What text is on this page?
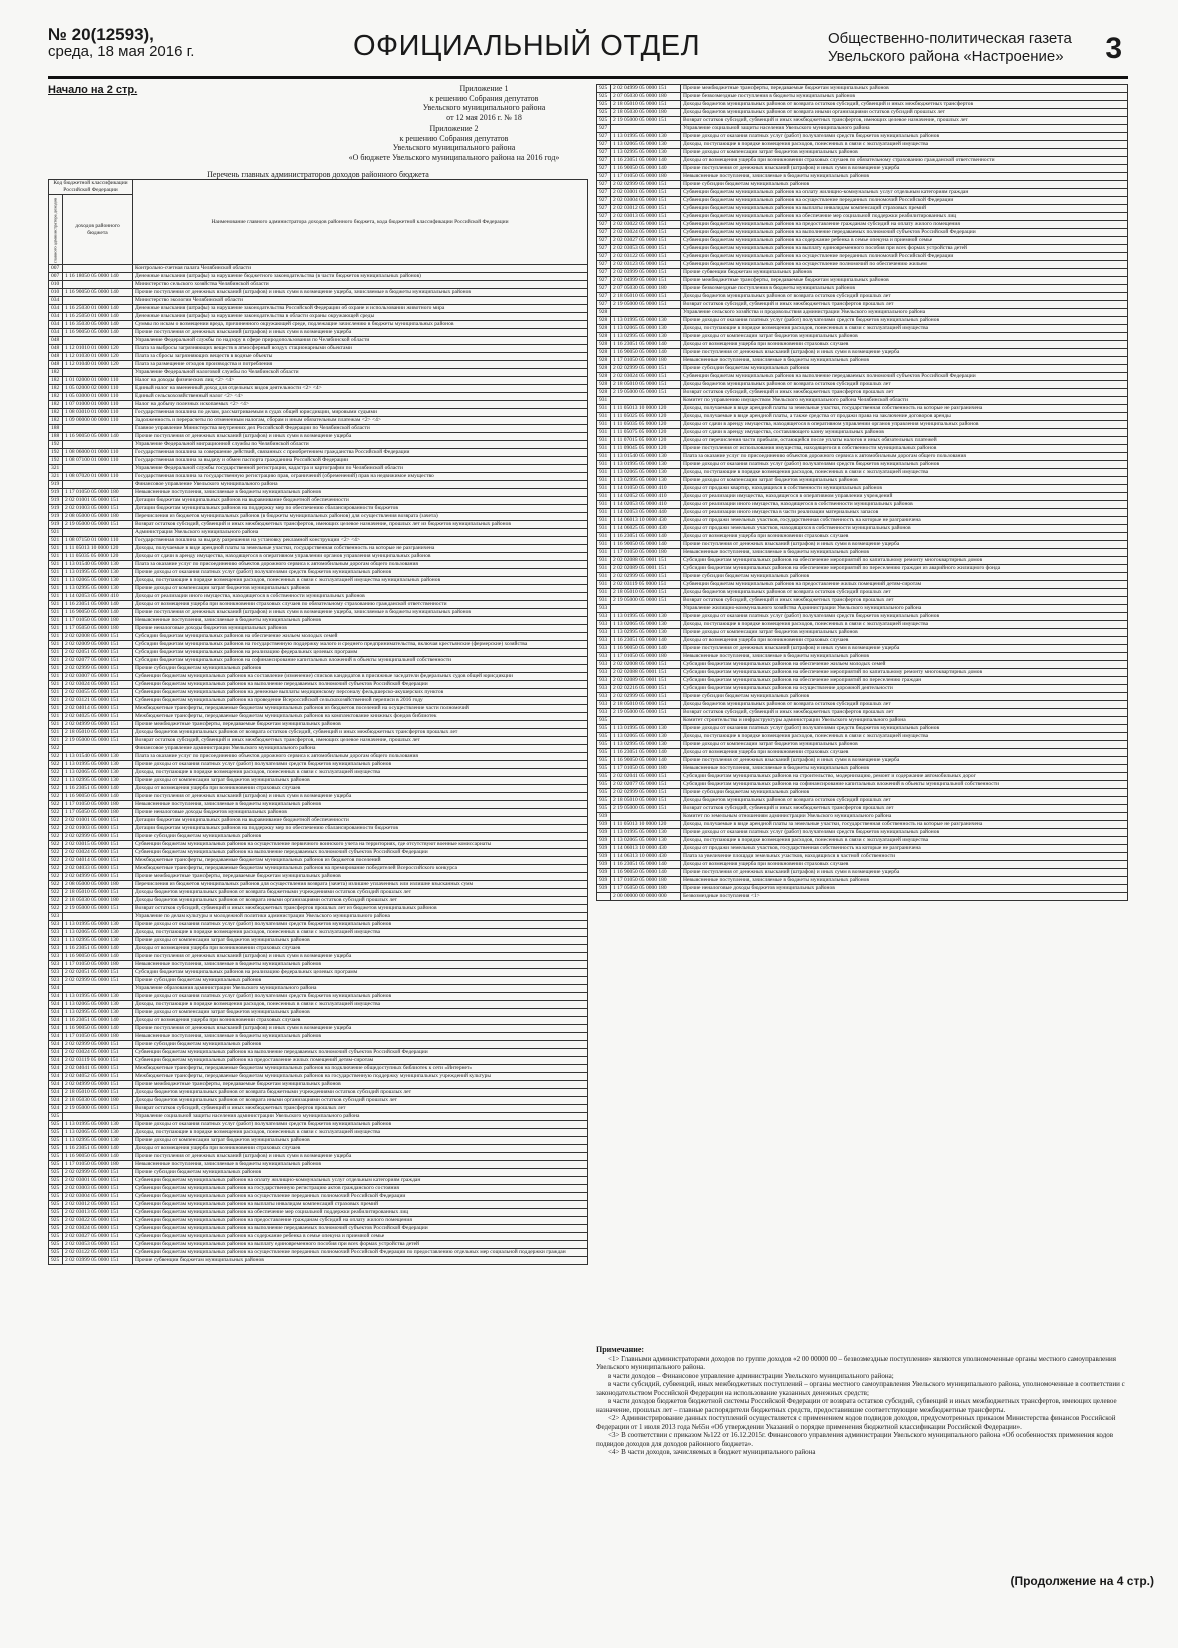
№ 20(12593),
среда, 18 мая 2016 г.	ОФИЦИАЛЬНЫЙ ОТДЕЛ	Общественно-политическая газета
Увельского района «Настроение» 3
Начало на 2 стр.	Приложение 1
к решению Собрания депутатов
Увельского муниципального района
от 12 мая 2016 г. № 18
Приложение 2
к решению Собрания депутатов
Увельского муниципального района
«О бюджете Увельского муниципального района на 2016 год»
Перечень главных администраторов доходов районного бюджета
Код бюджетной классификации Российской Федерации		Наименование главного администратора доходов районного бюджета, кода бюджетной классификации Российской Федерации
главного администратора доходов	доходов районного бюджета	
007		Контрольно-счетная палата Челябинской области
007	1 16 18050 05 0000 140	Денежные взыскания (штрафы) за нарушение бюджетного законодательства (в части бюджетов муниципальных районов)
010		Министерство сельского хозяйства Челябинской области
010	1 16 90050 05 0000 140	Прочие поступления от денежных взысканий (штрафов) и иных сумм в возмещение ущерба, зачисляемые в бюджеты муниципальных районов
034		Министерство экологии Челябинской области
034	1 16 25030 01 0000 140	Денежные взыскания (штрафы) за нарушение законодательства Российской Федерации об охране и использовании животного мира
034	1 16 25050 01 0000 140	Денежные взыскания (штрафы) за нарушение законодательства в области охраны окружающей среды
034	1 16 35030 05 0000 140	Суммы по искам о возмещении вреда, причиненного окружающей среде, подлежащие зачислению в бюджеты муниципальных районов
034	1 16 90050 05 0000 140	Прочие поступления от денежных взысканий (штрафов) и иных сумм в возмещение ущерба
048		Управление Федеральной службы по надзору в сфере природопользования по Челябинской области
048	1 12 01010 01 0000 120	Плата за выбросы загрязняющих веществ в атмосферный воздух стационарными объектами
048	1 12 01030 01 0000 120	Плата за сбросы загрязняющих веществ в водные объекты
048	1 12 01040 01 0000 120	Плата за размещение отходов производства и потребления
182		Управление Федеральной налоговой службы по Челябинской области
182	1 01 02000 01 0000 110	Налог на доходы физических лиц <2> <4>
182	1 05 02000 02 0000 110	Единый налог на вмененный доход для отдельных видов деятельности <2> <4>
182	1 05 03000 01 0000 110	Единый сельскохозяйственный налог <2> <4>
182	1 07 01000 01 0000 110	Налог на добычу полезных ископаемых <2> <4>
182	1 08 03010 01 0000 110	Государственная пошлина по делам, рассматриваемым в судах общей юрисдикции, мировыми судьями
182	1 09 00000 00 0000 110	Задолженность и перерасчеты по отмененным налогам, сборам и иным обязательным платежам <2> <4>
188		Главное управление Министерства внутренних дел Российской Федерации по Челябинской области
188	1 16 90050 05 0000 140	Прочие поступления от денежных взысканий (штрафов) и иных сумм в возмещение ущерба
192		Управление Федеральной миграционной службы по Челябинской области
192	1 08 06000 01 0000 110	Государственная пошлина за совершение действий, связанных с приобретением гражданства Российской Федерации
192	1 08 07100 01 0000 110	Государственная пошлина за выдачу и обмен паспорта гражданина Российской Федерации
321		Управление Федеральной службы государственной регистрации, кадастра и картографии по Челябинской области
321	1 08 07020 01 0000 110	Государственная пошлина за государственную регистрацию прав, ограничений (обременений) прав на недвижимое имущество
919		Финансовое управление Увельского муниципального района
919	1 17 01050 05 0000 180	Невыясненные поступления, зачисляемые в бюджеты муниципальных районов
919	2 02 01001 05 0000 151	Дотации бюджетам муниципальных районов на выравнивание бюджетной обеспеченности
919	2 02 01003 05 0000 151	Дотации бюджетам муниципальных районов на поддержку мер по обеспечению сбалансированности бюджетов
919	2 08 05000 05 0000 180	Перечисления из бюджетов муниципальных районов (в бюджеты муниципальных районов) для осуществления возврата (зачета)
919	2 19 05000 05 0000 151	Возврат остатков субсидий, субвенций и иных межбюджетных трансфертов, имеющих целевое назначение, прошлых лет из бюджетов муниципальных районов
921		Администрация Увельского муниципального района
921	1 08 07150 01 0000 110	Государственная пошлина за выдачу разрешения на установку рекламной конструкции <2> <4>
921	1 11 05013 10 0000 120	Доходы, получаемые в виде арендной платы за земельные участки, государственная собственность на которые не разграничена
921	1 11 05035 05 0000 120	Доходы от сдачи в аренду имущества, находящегося в оперативном управлении органов управления муниципальных районов
921	1 13 01540 05 0000 130	Плата за оказание услуг по присоединению объектов дорожного сервиса к автомобильным дорогам общего пользования
921	1 13 01995 05 0000 130	Прочие доходы от оказания платных услуг (работ) получателями средств бюджетов муниципальных районов
921	1 13 02065 05 0000 130	Доходы, поступающие в порядке возмещения расходов, понесенных в связи с эксплуатацией имущества муниципальных районов
921	1 13 02995 05 0000 130	Прочие доходы от компенсации затрат бюджетов муниципальных районов
921	1 14 02053 05 0000 410	Доходы от реализации иного имущества, находящегося в собственности муниципальных районов
921	1 16 23051 05 0000 140	Доходы от возмещения ущерба при возникновении страховых случаев по обязательному страхованию гражданской ответственности
921	1 16 90050 05 0000 140	Прочие поступления от денежных взысканий (штрафов) и иных сумм в возмещение ущерба, зачисляемые в бюджеты муниципальных районов
921	1 17 01050 05 0000 180	Невыясненные поступления, зачисляемые в бюджеты муниципальных районов
921	1 17 05050 05 0000 180	Прочие неналоговые доходы бюджетов муниципальных районов
921	2 02 02008 05 0000 151	Субсидии бюджетам муниципальных районов на обеспечение жильем молодых семей
921	2 02 02009 05 0000 151	Субсидии бюджетам муниципальных районов на государственную поддержку малого и среднего предпринимательства, включая крестьянские (фермерские) хозяйства
921	2 02 02051 05 0000 151	Субсидии бюджетам муниципальных районов на реализацию федеральных целевых программ
921	2 02 02077 05 0000 151	Субсидии бюджетам муниципальных районов на софинансирование капитальных вложений в объекты муниципальной собственности
921	2 02 02999 05 0000 151	Прочие субсидии бюджетам муниципальных районов
921	2 02 03007 05 0000 151	Субвенции бюджетам муниципальных районов на составление (изменение) списков кандидатов в присяжные заседатели федеральных судов общей юрисдикции
921	2 02 03024 05 0000 151	Субвенции бюджетам муниципальных районов на выполнение передаваемых полномочий субъектов Российской Федерации
921	2 02 03055 05 0000 151	Субвенции бюджетам муниципальных районов на денежные выплаты медицинскому персоналу фельдшерско-акушерских пунктов
921	2 02 03121 05 0000 151	Субвенции бюджетам муниципальных районов на проведение Всероссийской сельскохозяйственной переписи в 2016 году
921	2 02 04014 05 0000 151	Межбюджетные трансферты, передаваемые бюджетам муниципальных районов из бюджетов поселений на осуществление части полномочий
921	2 02 04025 05 0000 151	Межбюджетные трансферты, передаваемые бюджетам муниципальных районов на комплектование книжных фондов библиотек
921	2 02 04999 05 0000 151	Прочие межбюджетные трансферты, передаваемые бюджетам муниципальных районов
921	2 18 05010 05 0000 151	Доходы бюджетов муниципальных районов от возврата остатков субсидий, субвенций и иных межбюджетных трансфертов прошлых лет
921	2 19 05000 05 0000 151	Возврат остатков субсидий, субвенций и иных межбюджетных трансфертов, имеющих целевое назначение, прошлых лет
922		Финансовое управление администрации Увельского муниципального района
922	1 13 01540 05 0000 130	Плата за оказание услуг по присоединению объектов дорожного сервиса к автомобильным дорогам общего пользования
922	1 13 01995 05 0000 130	Прочие доходы от оказания платных услуг (работ) получателями средств бюджетов муниципальных районов
922	1 13 02065 05 0000 130	Доходы, поступающие в порядке возмещения расходов, понесенных в связи с эксплуатацией имущества
922	1 13 02995 05 0000 130	Прочие доходы от компенсации затрат бюджетов муниципальных районов
922	1 16 23051 05 0000 140	Доходы от возмещения ущерба при возникновении страховых случаев
922	1 16 90050 05 0000 140	Прочие поступления от денежных взысканий (штрафов) и иных сумм в возмещение ущерба
922	1 17 01050 05 0000 180	Невыясненные поступления, зачисляемые в бюджеты муниципальных районов
922	1 17 05050 05 0000 180	Прочие неналоговые доходы бюджетов муниципальных районов
922	2 02 01001 05 0000 151	Дотации бюджетам муниципальных районов на выравнивание бюджетной обеспеченности
922	2 02 01003 05 0000 151	Дотации бюджетам муниципальных районов на поддержку мер по обеспечению сбалансированности бюджетов
922	2 02 02999 05 0000 151	Прочие субсидии бюджетам муниципальных районов
922	2 02 03015 05 0000 151	Субвенции бюджетам муниципальных районов на осуществление первичного воинского учета на территориях, где отсутствуют военные комиссариаты
922	2 02 03024 05 0000 151	Субвенции бюджетам муниципальных районов на выполнение передаваемых полномочий субъектов Российской Федерации
922	2 02 04014 05 0000 151	Межбюджетные трансферты, передаваемые бюджетам муниципальных районов из бюджетов поселений
922	2 02 04033 05 0000 151	Межбюджетные трансферты, передаваемые бюджетам муниципальных районов на премирование победителей Всероссийского конкурса
922	2 02 04999 05 0000 151	Прочие межбюджетные трансферты, передаваемые бюджетам муниципальных районов
922	2 08 05000 05 0000 180	Перечисления из бюджетов муниципальных районов для осуществления возврата (зачета) излишне уплаченных или излишне взысканных сумм
922	2 18 05010 05 0000 151	Доходы бюджетов муниципальных районов от возврата бюджетными учреждениями остатков субсидий прошлых лет
922	2 18 05030 05 0000 180	Доходы бюджетов муниципальных районов от возврата иными организациями остатков субсидий прошлых лет
922	2 19 05000 05 0000 151	Возврат остатков субсидий, субвенций и иных межбюджетных трансфертов прошлых лет из бюджетов муниципальных районов
923		Управление по делам культуры и молодежной политики администрации Увельского муниципального района
923	1 13 01995 05 0000 130	Прочие доходы от оказания платных услуг (работ) получателями средств бюджетов муниципальных районов
923	1 13 02065 05 0000 130	Доходы, поступающие в порядке возмещения расходов, понесенных в связи с эксплуатацией имущества
923	1 13 02995 05 0000 130	Прочие доходы от компенсации затрат бюджетов муниципальных районов
923	1 16 23051 05 0000 140	Доходы от возмещения ущерба при возникновении страховых случаев
923	1 16 90050 05 0000 140	Прочие поступления от денежных взысканий (штрафов) и иных сумм в возмещение ущерба
923	1 17 01050 05 0000 180	Невыясненные поступления, зачисляемые в бюджеты муниципальных районов
923	2 02 02051 05 0000 151	Субсидии бюджетам муниципальных районов на реализацию федеральных целевых программ
923	2 02 02999 05 0000 151	Прочие субсидии бюджетам муниципальных районов
924		Управление образования администрации Увельского муниципального района
924	1 13 01995 05 0000 130	Прочие доходы от оказания платных услуг (работ) получателями средств бюджетов муниципальных районов
924	1 13 02065 05 0000 130	Доходы, поступающие в порядке возмещения расходов, понесенных в связи с эксплуатацией имущества
924	1 13 02995 05 0000 130	Прочие доходы от компенсации затрат бюджетов муниципальных районов
924	1 16 23051 05 0000 140	Доходы от возмещения ущерба при возникновении страховых случаев
924	1 16 90050 05 0000 140	Прочие поступления от денежных взысканий (штрафов) и иных сумм в возмещение ущерба
924	1 17 01050 05 0000 180	Невыясненные поступления, зачисляемые в бюджеты муниципальных районов
924	2 02 02999 05 0000 151	Прочие субсидии бюджетам муниципальных районов
924	2 02 03024 05 0000 151	Субвенции бюджетам муниципальных районов на выполнение передаваемых полномочий субъектов Российской Федерации
924	2 02 03119 05 0000 151	Субвенции бюджетам муниципальных районов на предоставление жилых помещений детям-сиротам
924	2 02 04041 05 0000 151	Межбюджетные трансферты, передаваемые бюджетам муниципальных районов на подключение общедоступных библиотек к сети «Интернет»
924	2 02 04052 05 0000 151	Межбюджетные трансферты, передаваемые бюджетам муниципальных районов на государственную поддержку муниципальных учреждений культуры
924	2 02 04999 05 0000 151	Прочие межбюджетные трансферты, передаваемые бюджетам муниципальных районов
924	2 18 05010 05 0000 151	Доходы бюджетов муниципальных районов от возврата бюджетными учреждениями остатков субсидий прошлых лет
924	2 18 05030 05 0000 180	Доходы бюджетов муниципальных районов от возврата иными организациями остатков субсидий прошлых лет
924	2 19 05000 05 0000 151	Возврат остатков субсидий, субвенций и иных межбюджетных трансфертов прошлых лет
925		Управление социальной защиты населения администрации Увельского муниципального района
925	1 13 01995 05 0000 130	Прочие доходы от оказания платных услуг (работ) получателями средств бюджетов муниципальных районов
925	1 13 02065 05 0000 130	Доходы, поступающие в порядке возмещения расходов, понесенных в связи с эксплуатацией имущества
925	1 13 02995 05 0000 130	Прочие доходы от компенсации затрат бюджетов муниципальных районов
925	1 16 23051 05 0000 140	Доходы от возмещения ущерба при возникновении страховых случаев
925	1 16 90050 05 0000 140	Прочие поступления от денежных взысканий (штрафов) и иных сумм в возмещение ущерба
925	1 17 01050 05 0000 180	Невыясненные поступления, зачисляемые в бюджеты муниципальных районов
925	2 02 02999 05 0000 151	Прочие субсидии бюджетам муниципальных районов
925	2 02 03001 05 0000 151	Субвенции бюджетам муниципальных районов на оплату жилищно-коммунальных услуг отдельным категориям граждан
925	2 02 03003 05 0000 151	Субвенции бюджетам муниципальных районов на государственную регистрацию актов гражданского состояния
925	2 02 03004 05 0000 151	Субвенции бюджетам муниципальных районов на осуществление переданных полномочий Российской Федерации
925	2 02 03012 05 0000 151	Субвенции бюджетам муниципальных районов на выплаты инвалидам компенсаций страховых премий
925	2 02 03013 05 0000 151	Субвенции бюджетам муниципальных районов на обеспечение мер социальной поддержки реабилитированных лиц
925	2 02 03022 05 0000 151	Субвенции бюджетам муниципальных районов на предоставление гражданам субсидий на оплату жилого помещения
925	2 02 03024 05 0000 151	Субвенции бюджетам муниципальных районов на выполнение передаваемых полномочий субъектов Российской Федерации
925	2 02 03027 05 0000 151	Субвенции бюджетам муниципальных районов на содержание ребенка в семье опекуна и приемной семье
925	2 02 03053 05 0000 151	Субвенции бюджетам муниципальных районов на выплату единовременного пособия при всех формах устройства детей
925	2 02 03122 05 0000 151	Субвенции бюджетам муниципальных районов на осуществление переданных полномочий Российской Федерации по предоставлению отдельных мер социальной поддержки граждан
925	2 02 03999 05 0000 151	Прочие субвенции бюджетам муниципальных районов
925	2 02 04999 05 0000 151	Прочие межбюджетные трансферты, передаваемые бюджетам муниципальных районов
925	2 07 05030 05 0000 180	Прочие безвозмездные поступления в бюджеты муниципальных районов
925	2 18 05010 05 0000 151	Доходы бюджетов муниципальных районов от возврата остатков субсидий, субвенций и иных межбюджетных трансфертов
925	2 18 05030 05 0000 180	Доходы бюджетов муниципальных районов от возврата иными организациями остатков субсидий прошлых лет
925	2 19 05000 05 0000 151	Возврат остатков субсидий, субвенций и иных межбюджетных трансфертов, имеющих целевое назначение, прошлых лет
927		Управление социальной защиты населения Увельского муниципального района
927	1 13 01995 05 0000 130	Прочие доходы от оказания платных услуг (работ) получателями средств бюджетов муниципальных районов
927	1 13 02065 05 0000 130	Доходы, поступающие в порядке возмещения расходов, понесенных в связи с эксплуатацией имущества
927	1 13 02995 05 0000 130	Прочие доходы от компенсации затрат бюджетов муниципальных районов
927	1 16 23051 05 0000 140	Доходы от возмещения ущерба при возникновении страховых случаев по обязательному страхованию гражданской ответственности
927	1 16 90050 05 0000 140	Прочие поступления от денежных взысканий (штрафов) и иных сумм в возмещение ущерба
927	1 17 01050 05 0000 180	Невыясненные поступления, зачисляемые в бюджеты муниципальных районов
927	2 02 02999 05 0000 151	Прочие субсидии бюджетам муниципальных районов
927	2 02 03001 05 0000 151	Субвенции бюджетам муниципальных районов на оплату жилищно-коммунальных услуг отдельным категориям граждан
927	2 02 03004 05 0000 151	Субвенции бюджетам муниципальных районов на осуществление переданных полномочий Российской Федерации
927	2 02 03012 05 0000 151	Субвенции бюджетам муниципальных районов на выплаты инвалидам компенсаций страховых премий
927	2 02 03013 05 0000 151	Субвенции бюджетам муниципальных районов на обеспечение мер социальной поддержки реабилитированных лиц
927	2 02 03022 05 0000 151	Субвенции бюджетам муниципальных районов на предоставление гражданам субсидий на оплату жилого помещения
927	2 02 03024 05 0000 151	Субвенции бюджетам муниципальных районов на выполнение передаваемых полномочий субъектов Российской Федерации
927	2 02 03027 05 0000 151	Субвенции бюджетам муниципальных районов на содержание ребенка в семье опекуна и приемной семье
927	2 02 03053 05 0000 151	Субвенции бюджетам муниципальных районов на выплату единовременного пособия при всех формах устройства детей
927	2 02 03122 05 0000 151	Субвенции бюджетам муниципальных районов на осуществление переданных полномочий Российской Федерации
927	2 02 03123 05 0000 151	Субвенции бюджетам муниципальных районов на осуществление полномочий по обеспечению жильем
927	2 02 03999 05 0000 151	Прочие субвенции бюджетам муниципальных районов
927	2 02 04999 05 0000 151	Прочие межбюджетные трансферты, передаваемые бюджетам муниципальных районов
927	2 07 05030 05 0000 180	Прочие безвозмездные поступления в бюджеты муниципальных районов
927	2 18 05010 05 0000 151	Доходы бюджетов муниципальных районов от возврата остатков субсидий прошлых лет
927	2 19 05000 05 0000 151	Возврат остатков субсидий, субвенций и иных межбюджетных трансфертов прошлых лет
928		Управление сельского хозяйства и продовольствия администрации Увельского муниципального района
928	1 13 01995 05 0000 130	Прочие доходы от оказания платных услуг (работ) получателями средств бюджетов муниципальных районов
928	1 13 02065 05 0000 130	Доходы, поступающие в порядке возмещения расходов, понесенных в связи с эксплуатацией имущества
928	1 13 02995 05 0000 130	Прочие доходы от компенсации затрат бюджетов муниципальных районов
928	1 16 23051 05 0000 140	Доходы от возмещения ущерба при возникновении страховых случаев
928	1 16 90050 05 0000 140	Прочие поступления от денежных взысканий (штрафов) и иных сумм в возмещение ущерба
928	1 17 01050 05 0000 180	Невыясненные поступления, зачисляемые в бюджеты муниципальных районов
928	2 02 02999 05 0000 151	Прочие субсидии бюджетам муниципальных районов
928	2 02 03024 05 0000 151	Субвенции бюджетам муниципальных районов на выполнение передаваемых полномочий субъектов Российской Федерации
928	2 18 05010 05 0000 151	Доходы бюджетов муниципальных районов от возврата остатков субсидий прошлых лет
928	2 19 05000 05 0000 151	Возврат остатков субсидий, субвенций и иных межбюджетных трансфертов прошлых лет
931		Комитет по управлению имуществом Увельского муниципального района Челябинской области
931	1 11 05013 10 0000 120	Доходы, получаемые в виде арендной платы за земельные участки, государственная собственность на которые не разграничена
931	1 11 05025 05 0000 120	Доходы, получаемые в виде арендной платы, а также средства от продажи права на заключение договоров аренды
931	1 11 05035 05 0000 120	Доходы от сдачи в аренду имущества, находящегося в оперативном управлении органов управления муниципальных районов
931	1 11 05075 05 0000 120	Доходы от сдачи в аренду имущества, составляющего казну муниципальных районов
931	1 11 07015 05 0000 120	Доходы от перечисления части прибыли, остающейся после уплаты налогов и иных обязательных платежей
931	1 11 09045 05 0000 120	Прочие поступления от использования имущества, находящегося в собственности муниципальных районов
931	1 13 01540 05 0000 130	Плата за оказание услуг по присоединению объектов дорожного сервиса к автомобильным дорогам общего пользования
931	1 13 01995 05 0000 130	Прочие доходы от оказания платных услуг (работ) получателями средств бюджетов муниципальных районов
931	1 13 02065 05 0000 130	Доходы, поступающие в порядке возмещения расходов, понесенных в связи с эксплуатацией имущества
931	1 13 02995 05 0000 130	Прочие доходы от компенсации затрат бюджетов муниципальных районов
931	1 14 01050 05 0000 410	Доходы от продажи квартир, находящихся в собственности муниципальных районов
931	1 14 02052 05 0000 410	Доходы от реализации имущества, находящегося в оперативном управлении учреждений
931	1 14 02053 05 0000 410	Доходы от реализации иного имущества, находящегося в собственности муниципальных районов
931	1 14 02053 05 0000 440	Доходы от реализации иного имущества в части реализации материальных запасов
931	1 14 06013 10 0000 430	Доходы от продажи земельных участков, государственная собственность на которые не разграничена
931	1 14 06025 05 0000 430	Доходы от продажи земельных участков, находящихся в собственности муниципальных районов
931	1 16 23051 05 0000 140	Доходы от возмещения ущерба при возникновении страховых случаев
931	1 16 90050 05 0000 140	Прочие поступления от денежных взысканий (штрафов) и иных сумм в возмещение ущерба
931	1 17 01050 05 0000 180	Невыясненные поступления, зачисляемые в бюджеты муниципальных районов
931	2 02 02088 05 0001 151	Субсидии бюджетам муниципальных районов на обеспечение мероприятий по капитальному ремонту многоквартирных домов
931	2 02 02089 05 0001 151	Субсидии бюджетам муниципальных районов на обеспечение мероприятий по переселению граждан из аварийного жилищного фонда
931	2 02 02999 05 0000 151	Прочие субсидии бюджетам муниципальных районов
931	2 02 03119 05 0000 151	Субвенции бюджетам муниципальных районов на предоставление жилых помещений детям-сиротам
931	2 18 05010 05 0000 151	Доходы бюджетов муниципальных районов от возврата остатков субсидий прошлых лет
931	2 19 05000 05 0000 151	Возврат остатков субсидий, субвенций и иных межбюджетных трансфертов прошлых лет
933		Управление жилищно-коммунального хозяйства Администрации Увельского муниципального района
933	1 13 01995 05 0000 130	Прочие доходы от оказания платных услуг (работ) получателями средств бюджетов муниципальных районов
933	1 13 02065 05 0000 130	Доходы, поступающие в порядке возмещения расходов, понесенных в связи с эксплуатацией имущества
933	1 13 02995 05 0000 130	Прочие доходы от компенсации затрат бюджетов муниципальных районов
933	1 16 23051 05 0000 140	Доходы от возмещения ущерба при возникновении страховых случаев
933	1 16 90050 05 0000 140	Прочие поступления от денежных взысканий (штрафов) и иных сумм в возмещение ущерба
933	1 17 01050 05 0000 180	Невыясненные поступления, зачисляемые в бюджеты муниципальных районов
933	2 02 02008 05 0000 151	Субсидии бюджетам муниципальных районов на обеспечение жильем молодых семей
933	2 02 02088 05 0001 151	Субсидии бюджетам муниципальных районов на обеспечение мероприятий по капитальному ремонту многоквартирных домов
933	2 02 02089 05 0001 151	Субсидии бюджетам муниципальных районов на обеспечение мероприятий по переселению граждан
933	2 02 02216 05 0000 151	Субсидии бюджетам муниципальных районов на осуществление дорожной деятельности
933	2 02 02999 05 0000 151	Прочие субсидии бюджетам муниципальных районов
933	2 18 05010 05 0000 151	Доходы бюджетов муниципальных районов от возврата остатков субсидий прошлых лет
933	2 19 05000 05 0000 151	Возврат остатков субсидий, субвенций и иных межбюджетных трансфертов прошлых лет
935		Комитет строительства и инфраструктуры администрации Увельского муниципального района
935	1 13 01995 05 0000 130	Прочие доходы от оказания платных услуг (работ) получателями средств бюджетов муниципальных районов
935	1 13 02065 05 0000 130	Доходы, поступающие в порядке возмещения расходов, понесенных в связи с эксплуатацией имущества
935	1 13 02995 05 0000 130	Прочие доходы от компенсации затрат бюджетов муниципальных районов
935	1 16 23051 05 0000 140	Доходы от возмещения ущерба при возникновении страховых случаев
935	1 16 90050 05 0000 140	Прочие поступления от денежных взысканий (штрафов) и иных сумм в возмещение ущерба
935	1 17 01050 05 0000 180	Невыясненные поступления, зачисляемые в бюджеты муниципальных районов
935	2 02 02041 05 0000 151	Субсидии бюджетам муниципальных районов на строительство, модернизацию, ремонт и содержание автомобильных дорог
935	2 02 02077 05 0000 151	Субсидии бюджетам муниципальных районов на софинансирование капитальных вложений в объекты муниципальной собственности
935	2 02 02999 05 0000 151	Прочие субсидии бюджетам муниципальных районов
935	2 18 05010 05 0000 151	Доходы бюджетов муниципальных районов от возврата остатков субсидий прошлых лет
935	2 19 05000 05 0000 151	Возврат остатков субсидий, субвенций и иных межбюджетных трансфертов прошлых лет
939		Комитет по земельным отношениям администрации Увельского муниципального района
939	1 11 05013 10 0000 120	Доходы, получаемые в виде арендной платы за земельные участки, государственная собственность на которые не разграничена
939	1 13 01995 05 0000 130	Прочие доходы от оказания платных услуг (работ) получателями средств бюджетов муниципальных районов
939	1 13 02065 05 0000 130	Доходы, поступающие в порядке возмещения расходов, понесенных в связи с эксплуатацией имущества
939	1 14 06013 10 0000 430	Доходы от продажи земельных участков, государственная собственность на которые не разграничена
939	1 14 06313 10 0000 430	Плата за увеличение площади земельных участков, находящихся в частной собственности
939	1 16 23051 05 0000 140	Доходы от возмещения ущерба при возникновении страховых случаев
939	1 16 90050 05 0000 140	Прочие поступления от денежных взысканий (штрафов) и иных сумм в возмещение ущерба
939	1 17 01050 05 0000 180	Невыясненные поступления, зачисляемые в бюджеты муниципальных районов
939	1 17 05050 05 0000 180	Прочие неналоговые доходы бюджетов муниципальных районов
	2 00 00000 00 0000 000	Безвозмездные поступления <1>
Примечание:
<1> Главными администраторами доходов по группе доходов «2 00 00000 00 – безвозмездные поступления» являются уполномоченные органы местного самоуправления Увельского муниципального района.
в части доходов – Финансовое управление администрации Увельского муниципального района;
в части субсидий, субвенций, иных межбюджетных поступлений – органы местного самоуправления Увельского муниципального района, уполномоченные в соответствии с законодательством Российской Федерации на использование указанных денежных средств;
в части доходов бюджетов бюджетной системы Российской Федерации от возврата остатков субсидий, субвенций и иных межбюджетных трансфертов, имеющих целевое назначение, прошлых лет – главные распорядители бюджетных средств, предоставившие соответствующие межбюджетные трансферты.
<2> Администрирование данных поступлений осуществляется с применением кодов подвидов доходов, предусмотренных приказом Министерства финансов Российской Федерации от 1 июля 2013 года №65н «Об утверждении Указаний о порядке применения бюджетной классификации Российской Федерации».
<3> В соответствии с приказом №122 от 16.12.2015г. Финансового управления администрации Увельского муниципального района «Об особенностях применения кодов подвидов доходов для доходов районного бюджета».
<4> В части доходов, зачисляемых в бюджет муниципального района
(Продолжение на 4 стр.)
